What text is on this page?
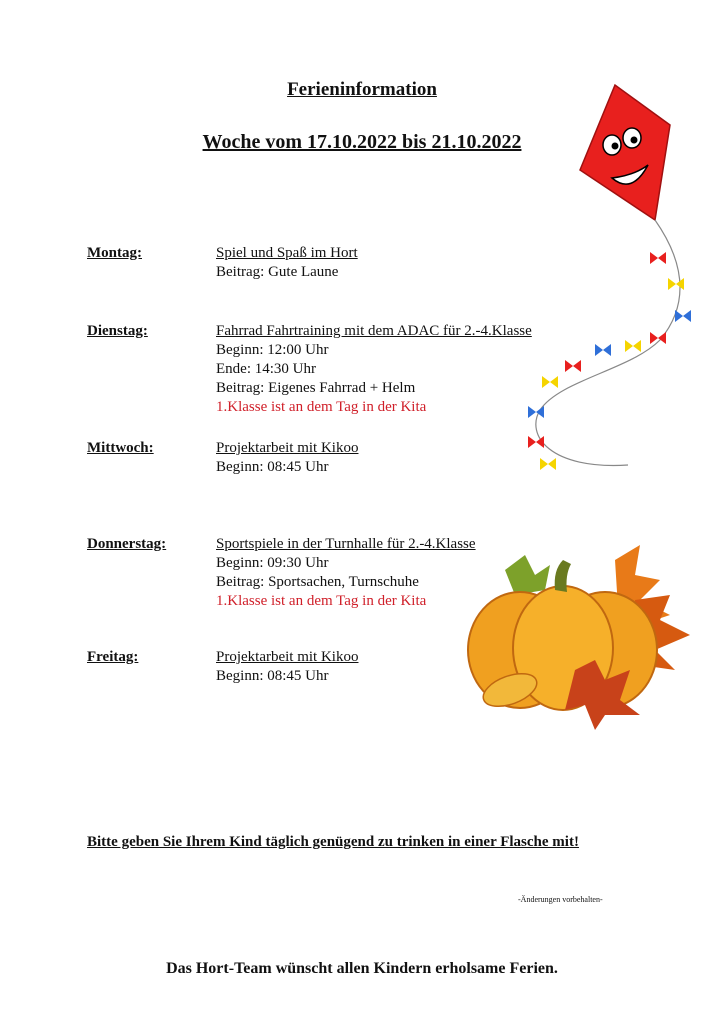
Ferieninformation
Woche vom 17.10.2022 bis 21.10.2022
Montag:	Spiel und Spaß im Hort
Beitrag: Gute Laune
Dienstag:	Fahrrad Fahrtraining mit dem ADAC für 2.-4.Klasse
Beginn: 12:00 Uhr
Ende: 14:30 Uhr
Beitrag: Eigenes Fahrrad + Helm
1.Klasse ist an dem Tag in der Kita
Mittwoch:	Projektarbeit mit Kikoo
Beginn: 08:45 Uhr
Donnerstag:	Sportspiele in der Turnhalle für 2.-4.Klasse
Beginn: 09:30 Uhr
Beitrag: Sportsachen, Turnschuhe
1.Klasse ist an dem Tag in der Kita
Freitag:	Projektarbeit mit Kikoo
Beginn: 08:45 Uhr
Bitte geben Sie Ihrem Kind täglich genügend zu trinken in einer Flasche mit!
-Änderungen vorbehalten-
Das Hort-Team wünscht allen Kindern erholsame Ferien.
